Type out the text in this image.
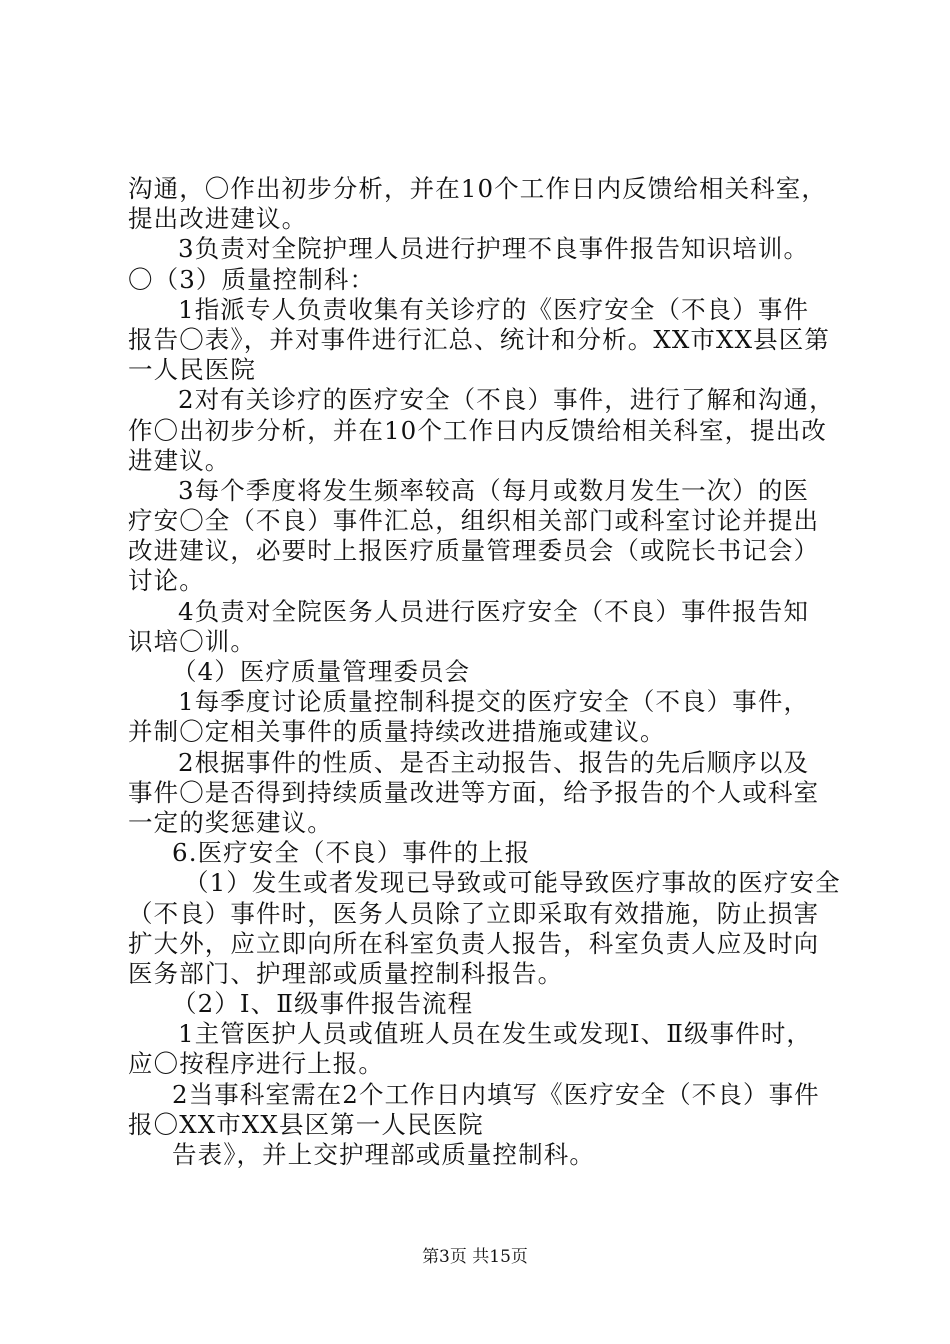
沟通，〇作出初步分析，并在10个工作日内反馈给相关科室，
提出改进建议。
3负责对全院护理人员进行护理不良事件报告知识培训。
〇（3）质量控制科：
1指派专人负责收集有关诊疗的《医疗安全（不良）事件
报告〇表》，并对事件进行汇总、统计和分析。XX市XX县区第
一人民医院
2对有关诊疗的医疗安全（不良）事件，进行了解和沟通，
作〇出初步分析，并在10个工作日内反馈给相关科室，提出改
进建议。
3每个季度将发生频率较高（每月或数月发生一次）的医
疗安〇全（不良）事件汇总，组织相关部门或科室讨论并提出
改进建议，必要时上报医疗质量管理委员会（或院长书记会）
讨论。
4负责对全院医务人员进行医疗安全（不良）事件报告知
识培〇训。
（4）医疗质量管理委员会
1每季度讨论质量控制科提交的医疗安全（不良）事件，
并制〇定相关事件的质量持续改进措施或建议。
2根据事件的性质、是否主动报告、报告的先后顺序以及
事件〇是否得到持续质量改进等方面，给予报告的个人或科室
一定的奖惩建议。
6.医疗安全（不良）事件的上报
（1）发生或者发现已导致或可能导致医疗事故的医疗安全
（不良）事件时，医务人员除了立即采取有效措施，防止损害
扩大外，应立即向所在科室负责人报告，科室负责人应及时向
医务部门、护理部或质量控制科报告。
（2）Ⅰ、Ⅱ级事件报告流程
1主管医护人员或值班人员在发生或发现Ⅰ、Ⅱ级事件时，
应〇按程序进行上报。
2当事科室需在2个工作日内填写《医疗安全（不良）事件
报〇XX市XX县区第一人民医院
告表》，并上交护理部或质量控制科。
第3页 共15页
